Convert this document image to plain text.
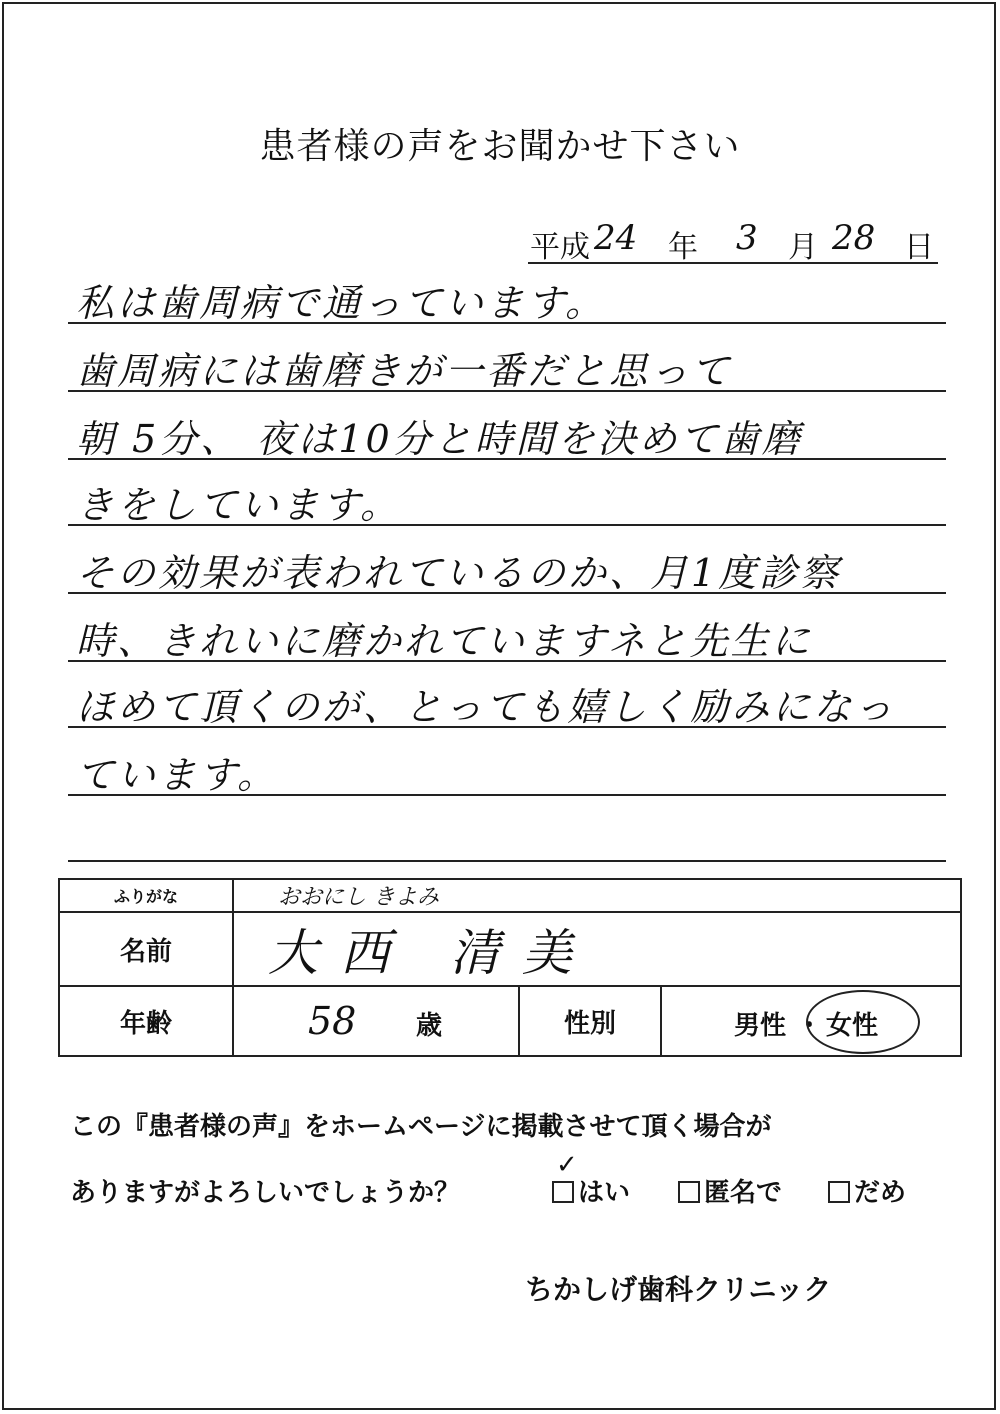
患者様の声をお聞かせ下さい
平成 24 年 3 月 28 日
私は歯周病で通っています。
歯周病には歯磨きが一番だと思って
朝 5分、 夜は10分と時間を決めて歯磨
きをしています。
その効果が表われているのか、月1度診察
時、きれいに磨かれていますネと先生に
ほめて頂くのが、とっても嬉しく励みになっ
ています。
ふりがな	おおにし きよみ		
名前	大西 清美		
年齢	58 歳	性別	男性 ・ 女性
この『患者様の声』をホームページに掲載させて頂く場合が
ありますがよろしいでしょうか？	はい
✓
匿名で	だめ
ちかしげ歯科クリニック
